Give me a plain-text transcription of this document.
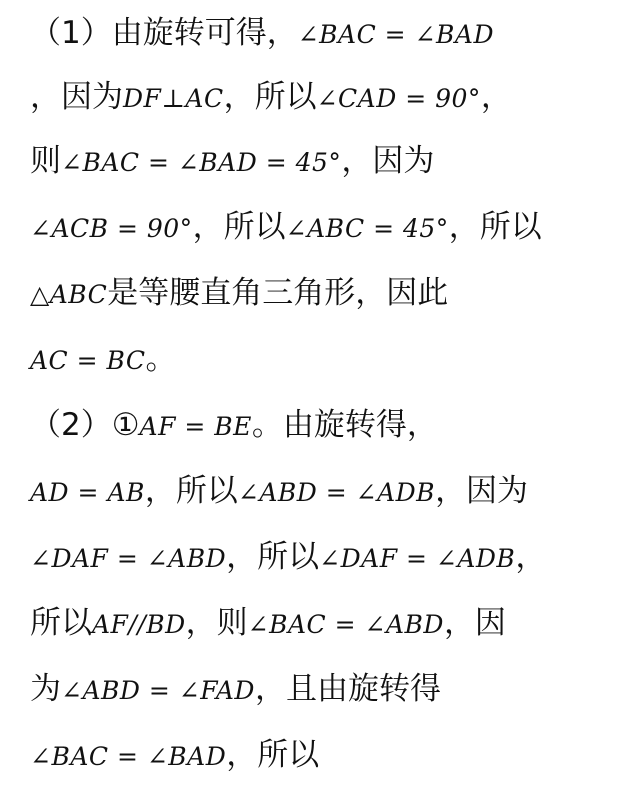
（1）由旋转可得，∠BAC = ∠BAD
，因为DF⊥AC，所以∠CAD = 90°，
则∠BAC = ∠BAD = 45°，因为
∠ACB = 90°，所以∠ABC = 45°，所以
△ABC是等腰直角三角形，因此
AC = BC。
（2）①AF = BE。由旋转得，
AD = AB，所以∠ABD = ∠ADB，因为
∠DAF = ∠ABD，所以∠DAF = ∠ADB，
所以AF//BD，则∠BAC = ∠ABD，因
为∠ABD = ∠FAD，且由旋转得
∠BAC = ∠BAD，所以
